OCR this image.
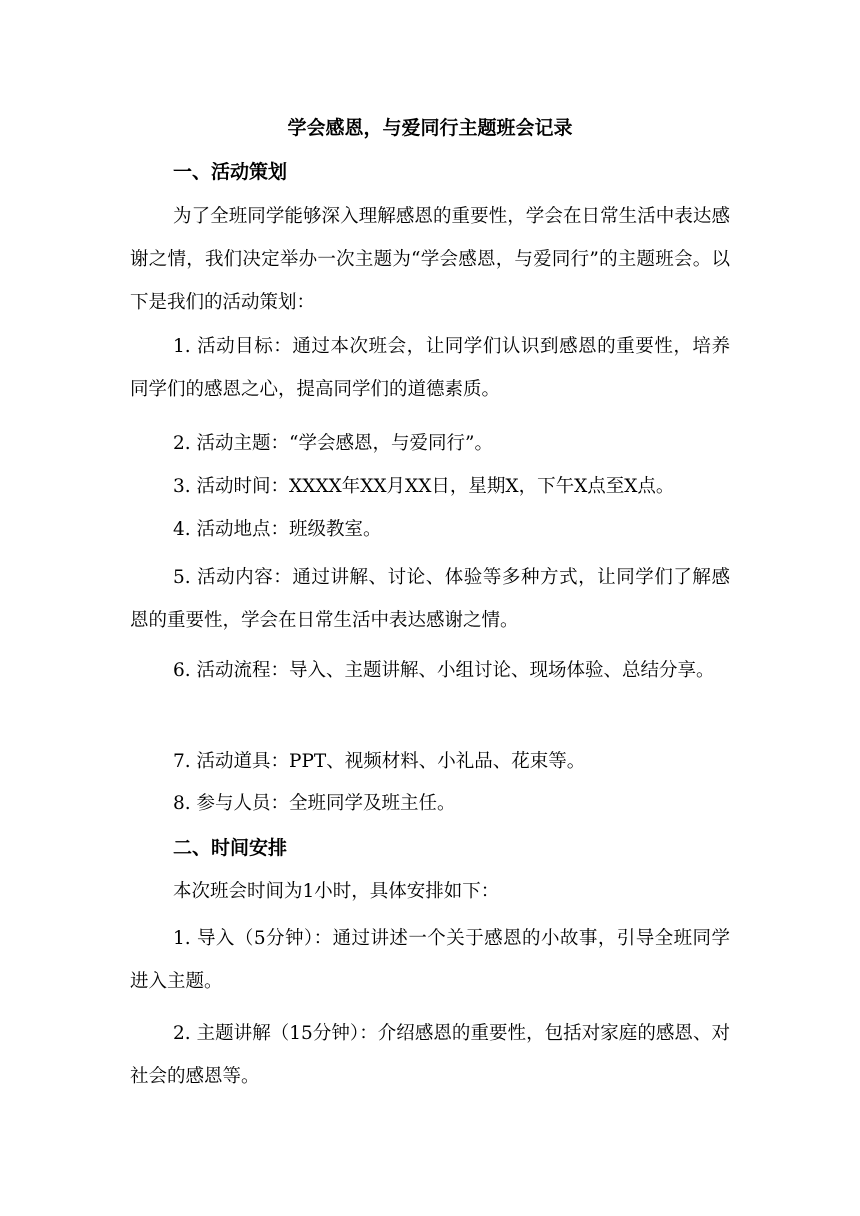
学会感恩，与爱同行主题班会记录
一、活动策划

为了全班同学能够深入理解感恩的重要性，学会在日常生活中表达感谢之情，我们决定举办一次主题为“学会感恩，与爱同行”的主题班会。以下是我们的活动策划：

1. 活动目标：通过本次班会，让同学们认识到感恩的重要性，培养同学们的感恩之心，提高同学们的道德素质。

2. 活动主题：“学会感恩，与爱同行”。

3. 活动时间：XXXX年XX月XX日，星期X，下午X点至X点。

4. 活动地点：班级教室。

5. 活动内容：通过讲解、讨论、体验等多种方式，让同学们了解感恩的重要性，学会在日常生活中表达感谢之情。

6. 活动流程：导入、主题讲解、小组讨论、现场体验、总结分享。

7. 活动道具：PPT、视频材料、小礼品、花束等。

8. 参与人员：全班同学及班主任。

二、时间安排

本次班会时间为1小时，具体安排如下：

1. 导入（5分钟）：通过讲述一个关于感恩的小故事，引导全班同学进入主题。

2. 主题讲解（15分钟）：介绍感恩的重要性，包括对家庭的感恩、对社会的感恩等。
